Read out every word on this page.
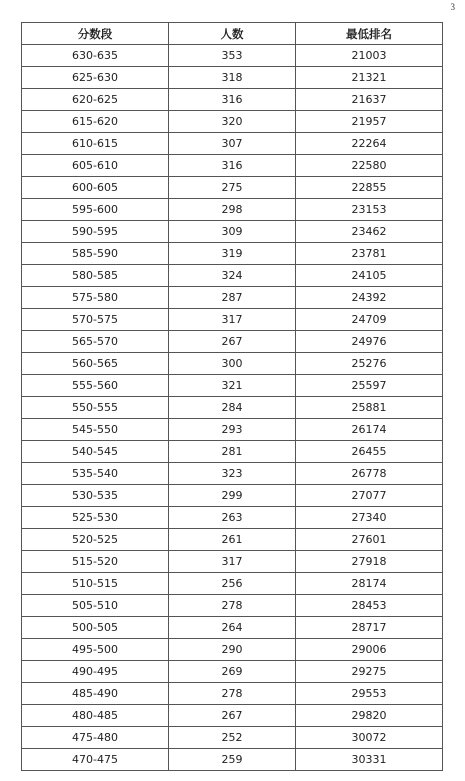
3
分数段	人数	最低排名
630-635	353	21003
625-630	318	21321
620-625	316	21637
615-620	320	21957
610-615	307	22264
605-610	316	22580
600-605	275	22855
595-600	298	23153
590-595	309	23462
585-590	319	23781
580-585	324	24105
575-580	287	24392
570-575	317	24709
565-570	267	24976
560-565	300	25276
555-560	321	25597
550-555	284	25881
545-550	293	26174
540-545	281	26455
535-540	323	26778
530-535	299	27077
525-530	263	27340
520-525	261	27601
515-520	317	27918
510-515	256	28174
505-510	278	28453
500-505	264	28717
495-500	290	29006
490-495	269	29275
485-490	278	29553
480-485	267	29820
475-480	252	30072
470-475	259	30331
